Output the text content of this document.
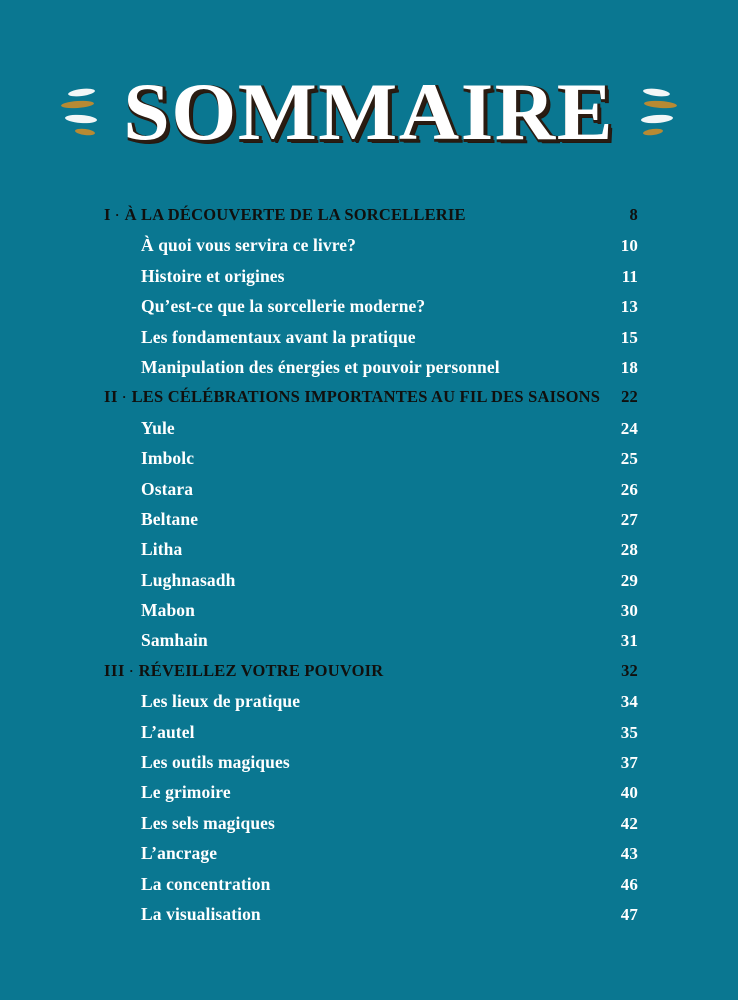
SOMMAIRE
I · À LA DÉCOUVERTE DE LA SORCELLERIE	8
À quoi vous servira ce livre?	10
Histoire et origines	11
Qu’est-ce que la sorcellerie moderne?	13
Les fondamentaux avant la pratique	15
Manipulation des énergies et pouvoir personnel	18
II · LES CÉLÉBRATIONS IMPORTANTES AU FIL DES SAISONS	22
Yule	24
Imbolc	25
Ostara	26
Beltane	27
Litha	28
Lughnasadh	29
Mabon	30
Samhain	31
III · RÉVEILLEZ VOTRE POUVOIR	32
Les lieux de pratique	34
L’autel	35
Les outils magiques	37
Le grimoire	40
Les sels magiques	42
L’ancrage	43
La concentration	46
La visualisation	47
